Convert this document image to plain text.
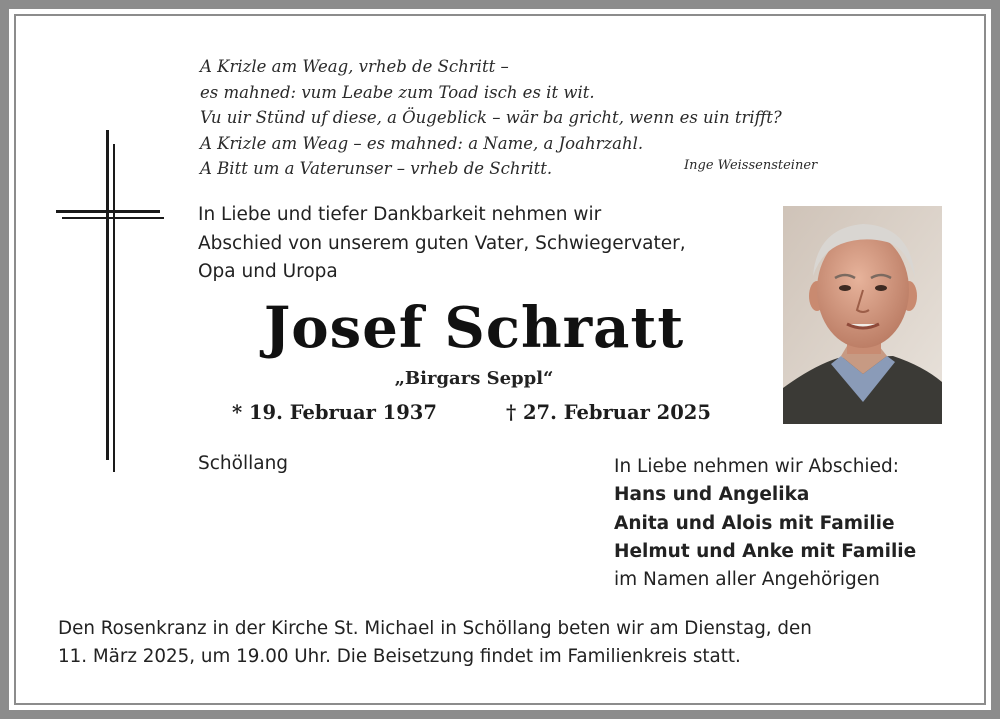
A Krizle am Weag, vrheb de Schritt –
es mahned: vum Leabe zum Toad isch es it wit.
Vu uir Stünd uf diese, a Öugeblick – wär ba gricht, wenn es uin trifft?
A Krizle am Weag – es mahned: a Name, a Joahrzahl.
A Bitt um a Vaterunser – vrheb de Schritt.	Inge Weissensteiner
In Liebe und tiefer Dankbarkeit nehmen wir
Abschied von unserem guten Vater, Schwiegervater,
Opa und Uropa
Josef Schratt
„Birgars Seppl“
* 19. Februar 1937	† 27. Februar 2025
Schöllang	In Liebe nehmen wir Abschied:
Hans und Angelika
Anita und Alois mit Familie
Helmut und Anke mit Familie
im Namen aller Angehörigen
Den Rosenkranz in der Kirche St. Michael in Schöllang beten wir am Dienstag, den
11. März 2025, um 19.00 Uhr. Die Beisetzung findet im Familienkreis statt.
